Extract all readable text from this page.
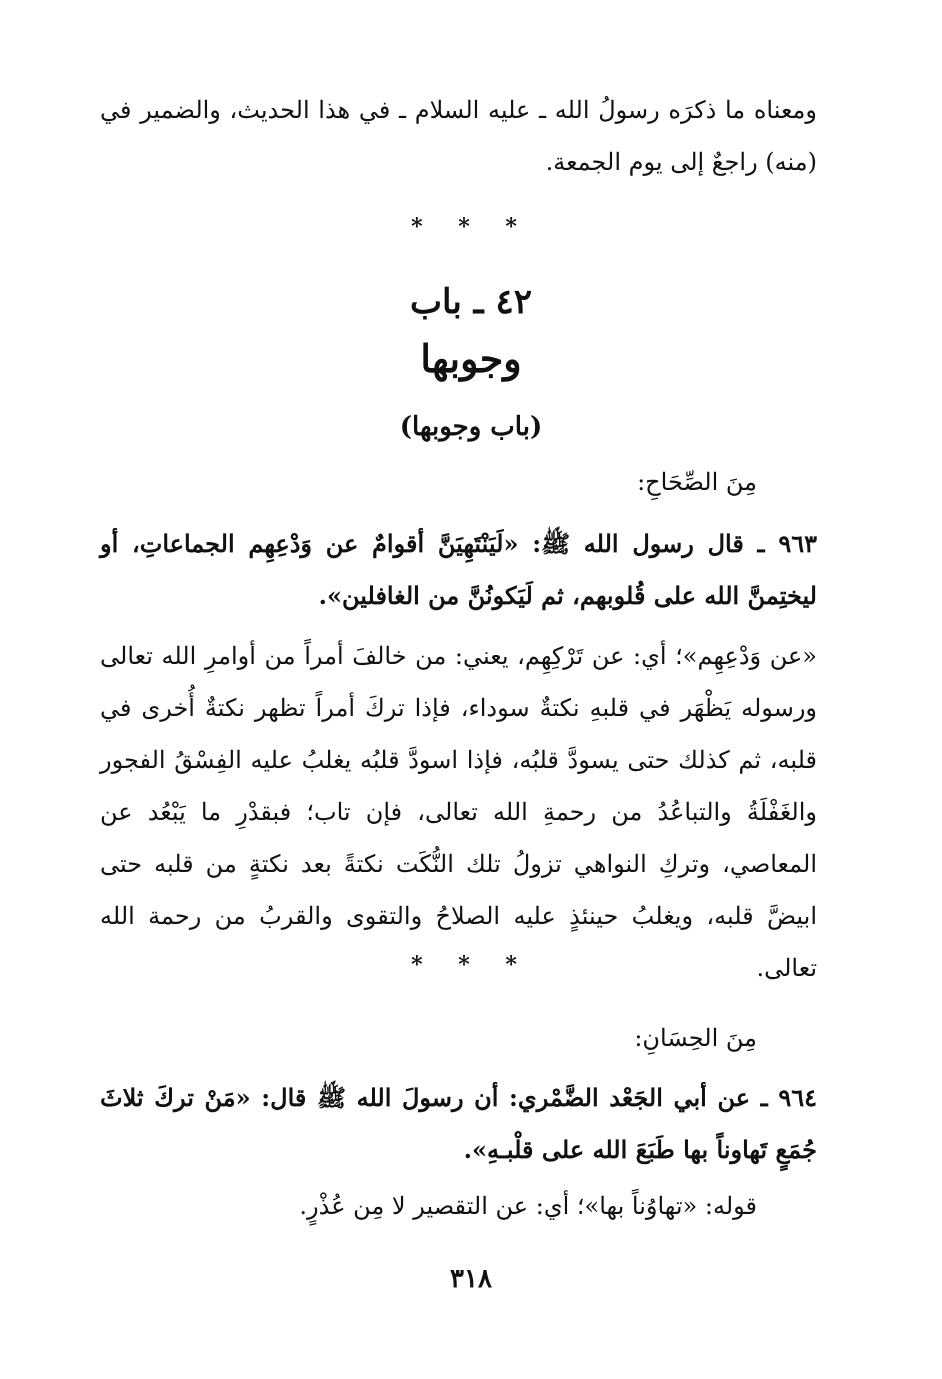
ومعناه ما ذكرَه رسولُ الله ـ عليه السلام ـ في هذا الحديث، والضمير في (منه) راجعٌ إلى يوم الجمعة.
* * *
٤٢ ـ باب
وجوبها
(باب وجوبها)
مِنَ الصِّحَاحِ:
٩٦٣ ـ قال رسول الله ﷺ: «لَيَنْتَهِيَنَّ أقوامٌ عن وَدْعِهِم الجماعاتِ، أو ليختِمنَّ الله على قُلوبهم، ثم لَيَكونُنَّ من الغافلين».
«عن وَدْعِهِم»؛ أي: عن تَرْكِهِم، يعني: من خالفَ أمراً من أوامرِ الله تعالى ورسوله يَظْهَر في قلبهِ نكتةٌ سوداء، فإذا تركَ أمراً تظهر نكتةٌ أُخرى في قلبه، ثم كذلك حتى يسودَّ قلبُه، فإذا اسودَّ قلبُه يغلبُ عليه الفِسْقُ الفجور والغَفْلَةُ والتباعُدُ من رحمةِ الله تعالى، فإن تاب؛ فبقدْرِ ما يَبْعُد عن المعاصي، وتركِ النواهي تزولُ تلك النُّكَت نكتةً بعد نكتةٍ من قلبه حتى ابيضَّ قلبه، ويغلبُ حينئذٍ عليه الصلاحُ والتقوى والقربُ من رحمة الله تعالى.
* * *
مِنَ الحِسَانِ:
٩٦٤ ـ عن أبي الجَعْد الضَّمْري: أن رسولَ الله ﷺ قال: «مَنْ تركَ ثلاثَ جُمَعٍ تَهاوناً بها طَبَعَ الله على قلْبـهِ».
قوله: «تهاوُناً بها»؛ أي: عن التقصير لا مِن عُذْرٍ.
٣١٨
